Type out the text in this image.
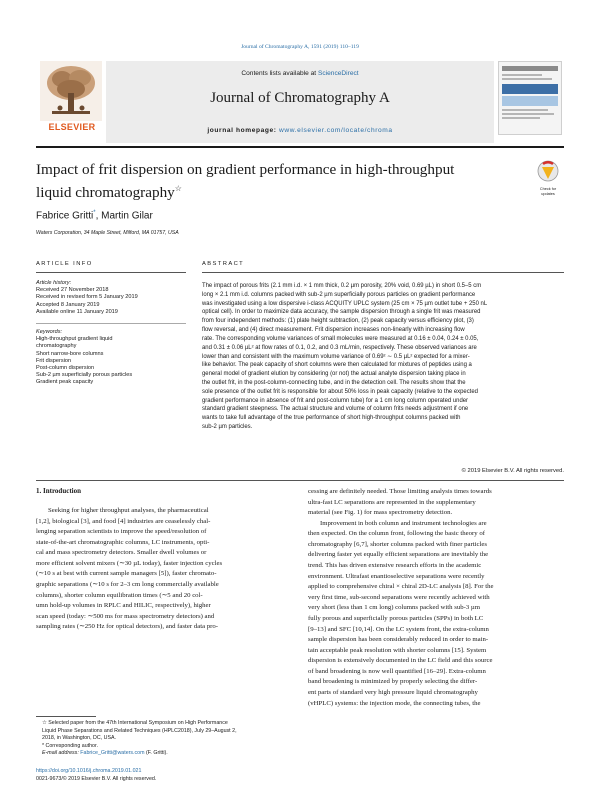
Journal of Chromatography A, 1591 (2019) 110–119
ELSEVIER
Contents lists available at ScienceDirect
Journal of Chromatography A
journal homepage: www.elsevier.com/locate/chroma
Impact of frit dispersion on gradient performance in high-throughput
liquid chromatography☆	Check for
updates
Fabrice Gritti*, Martin Gilar
Waters Corporation, 34 Maple Street, Milford, MA 01757, USA
ARTICLE INFO
Article history:
Received 27 November 2018
Received in revised form 5 January 2019
Accepted 8 January 2019
Available online 11 January 2019
Keywords:
High-throughput gradient liquid
chromatography
Short narrow-bore columns
Frit dispersion
Post-column dispersion
Sub-2 µm superficially porous particles
Gradient peak capacity
ABSTRACT
The impact of porous frits (2.1 mm i.d. × 1 mm thick, 0.2 µm porosity, 20% void, 0.69 µL) in short 0.5–5 cm
long × 2.1 mm i.d. columns packed with sub-2 µm superficially porous particles on gradient performance
was investigated using a low dispersive i-class ACQUITY UPLC system (25 cm × 75 µm outlet tube + 250 nL
optical cell). In order to maximize data accuracy, the sample dispersion through a single frit was measured
from four independent methods: (1) plate height subtraction, (2) peak capacity versus efficiency plot, (3)
flow reversal, and (4) direct measurement. Frit dispersion increases non-linearly with increasing flow
rate. The corresponding volume variances of small molecules were measured at 0.16 ± 0.04, 0.24 ± 0.05,
and 0.31 ± 0.06 µL² at flow rates of 0.1, 0.2, and 0.3 mL/min, respectively. These observed variances are
lower than and consistent with the maximum volume variance of 0.69² ∼ 0.5 µL² expected for a mixer-
like behavior. The peak capacity of short columns were then calculated for mixtures of peptides using a
general model of gradient elution by considering (or not) the actual analyte dispersion taking place in
the outlet frit, in the post-column-connecting tube, and in the detection cell. The results show that the
sole presence of the outlet frit is responsible for about 50% loss in peak capacity (relative to the expected
gradient performance in absence of frit and post-column tube) for a 1 cm long column operated under
standard gradient steepness. The actual structure and volume of column frits needs adjustment if one
wants to take full advantage of the true performance of short high-throughput columns packed with
sub-2 µm particles.
© 2019 Elsevier B.V. All rights reserved.
1. Introduction
Seeking for higher throughput analyses, the pharmaceutical
[1,2], biological [3], and food [4] industries are ceaselessly chal-
lenging separation scientists to improve the speed/resolution of
state-of-the-art chromatographic columns, LC instruments, opti-
cal and mass spectrometry detectors. Smaller dwell volumes or
more efficient solvent mixers (∼30 µL today), faster injection cycles
(∼10 s at best with current sample managers [5]), faster chromato-
graphic separations (∼10 s for 2–3 cm long commercially available
columns), shorter column equilibration times (∼5 and 20 col-
umn hold-up volumes in RPLC and HILIC, respectively), higher
scan speed (today: ∼500 ms for mass spectrometry detectors) and
sampling rates (∼250 Hz for optical detectors), and faster data pro-
☆ Selected paper from the 47th International Symposium on High Performance
Liquid Phase Separations and Related Techniques (HPLC2018), July 29–August 2,
2018, in Washington, DC, USA.
* Corresponding author.
E-mail address: Fabrice_Gritti@waters.com (F. Gritti).
https://doi.org/10.1016/j.chroma.2019.01.021
0021-9673/© 2019 Elsevier B.V. All rights reserved.
cessing are definitely needed. Those limiting analysis times towards
ultra-fast LC separations are represented in the supplementary
material (see Fig. 1) for mass spectrometry detection.
Improvement in both column and instrument technologies are
then expected. On the column front, following the basic theory of
chromatography [6,7], shorter columns packed with finer particles
delivering faster yet equally efficient separations are inevitably the
trend. This has driven extensive research efforts in the academic
environment. Ultrafast enantioselective separations were recently
applied to comprehensive chiral × chiral 2D-LC analysis [8]. For the
very first time, sub-second separations were recently achieved with
very short (less than 1 cm long) columns packed with sub-3 µm
fully porous and superficially porous particles (SPPs) in both LC
[9–13] and SFC [10,14]. On the LC system front, the extra-column
sample dispersion has been considerably reduced in order to main-
tain acceptable peak resolution with shorter columns [15]. System
dispersion is extensively documented in the LC field and this source
of band broadening is now well quantified [16–29]. Extra-column
band broadening is minimized by properly selecting the differ-
ent parts of standard very high pressure liquid chromatography
(vHPLC) systems: the injection mode, the connecting tubes, the
